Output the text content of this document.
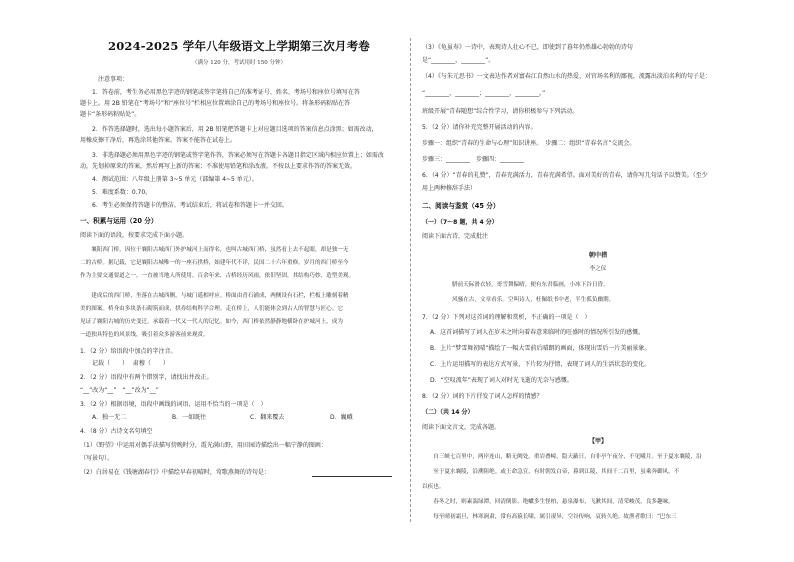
2024-2025 学年八年级语文上学期第三次月考卷
（满分 120 分，考试用时 150 分钟）
注意事项：
1．答卷前，考生务必用黑色字迹的钢笔或签字笔将自己的准考证号、姓名、考场号和座位号填写在答
题卡上。用 2B 铅笔在“考场号”和“座位号”栏相应位置填涂自己的考场号和座位号。将条形码粘贴在答
题卡“条形码粘贴处”。
2．作答选择题时，选出每小题答案后，用 2B 铅笔把答题卡上对应题目选项的答案信息点涂黑；如需改动，
用橡皮擦干净后，再选涂其他答案。答案不能答在试卷上。
3．非选择题必须用黑色字迹的钢笔或签字笔作答，答案必须写在答题卡各题目指定区域内相应位置上；如需改
动，先划掉原来的答案，然后再写上新的答案；不准使用铅笔和涂改液。不按以上要求作答的答案无效。
4．测试范围：八年级上册第 3~5 单元（部编第 4~5 单元）。
5．难度系数：0.70。
6．考生必须保持答题卡的整洁。考试结束后，将试卷和答题卡一并交回。
一、积累与运用（20 分）
阅读下面的语段，按要求完成下面小题。
　　襄阳西门桥，因位于襄阳古城西门外护城河上而得名，也叫古城西门桥，虽然看上去不起眼，却是独一无
二的古桥。据记载，它是襄阳古城唯一的一座石拱桥，始建年代不详，民国二十六年重修。岁月的西门桥至今
作为主要交通要道之一，一直被当地人所使用。百余年来，古桥经历风雨，依旧坚固，其结构巧妙、造型美观。
　　建成后的西门桥，坐落在古城西侧，与城门遥相呼应。桥面由青石铺成，两侧设有石栏，栏板上雕刻着精
美的图案。桥身由多块条石砌筑而成，拱券结构科学合理。走在桥上，人们能体会到古人的智慧与匠心。它
见证了襄阳古城的历史变迁，承载着一代又一代人的记忆。如今，西门桥依然静静地横卧在护城河上，成为
一道独具特色的风景线，吸引着众多游客前来观赏。
1．（2 分）给语段中加点的字注音。
记载（　　）　 肃穆（　　）
2．（2 分）语段中有两个错别字，请找出并改正。
“__”改为“__”　“__”改为“__”
3．（2 分）根据语境，语段中画线的词语，运用不恰当的一项是（　）
A．独一无二	B．一如既往	C．翻来覆去	D．巍峨
4．（8 分）古诗文名句填空
（1）《野望》中运用对偶手法描写傍晚时分，霞光满山野，用田园诗描绘出一幅宁静的图画：
（写景句）。
（2）白居易在《钱塘湖春行》中描绘早春初晴时，莺歌燕舞的诗句是：
（3）《龟虽寿》一诗中，表现诗人壮心不已，即使到了暮年仍然雄心勃勃的诗句
是“________，________”。
（4）《与朱元思书》一文表达作者对富春江自然山水的热爱、对官场名利的鄙视，流露出淡泊名利的句子是：
“________，________；________，________。”
班级开展“青春随想”综合性学习，请你积极参与下列活动。
5．（2 分）请你补充完整开展活动的内容。
步骤一：组织“青春的生命与心理”知识讲座。　步骤二：组织“青春名言”交流会。
步骤三：________　步骤四：________
6．（4 分）“青春的礼赞”，青春充满活力，青春充满希望。面对美好的青春，请你写几句话予以赞美。（至少
用上两种修辞手法）
二、阅读与鉴赏（45 分）
（一）（7～8 题，共 4 分）
阅读下面古诗，完成批注
朝中措
李之仪
腊前天际滑衣轻，哥雪舞偏晴。便有东君临画，小冰下谷日昏。
风骚在古，文章看乐。空叫诗人，枉佩纸书中老，半生孤负幽期。
7．（2 分）下列对这首词的理解和赏析，不正确的一项是（　）
A．这首词描写了词人在岁末之时向着春意来临时的旺盛时的情况所引发的感慨。
B．上片“梦雪舞初晴”描绘了一幅大雪前后晴朗的画面，体现出雪后一片美丽景象。
C．上片运用描写的表达方式写景，下片转为抒情，表现了词人的生活状态的变化。
D．“空叹流年”表现了词人对时光飞逝的无奈与感慨。
8．（2 分）词的下片抒发了词人怎样的情感？
（二）（共 14 分）
阅读下面文言文，完成各题。
【甲】
　　自三峡七百里中，两岸连山，略无阙处。重岩叠嶂，隐天蔽日，自非亭午夜分，不见曦月。至于夏水襄陵，沿
　　至于夏水襄陵，沿溯阻绝。或王命急宣，有时朝发白帝，暮到江陵，其间千二百里，虽乘奔御风，不
以疾也。
　　春冬之时，则素湍绿潭，回清倒影，绝巘多生怪柏，悬泉瀑布，飞漱其间，清荣峻茂，良多趣味。
　　每至晴初霜旦，林寒涧肃，常有高猿长啸，属引凄异，空谷传响，哀转久绝。故渔者歌曰：“巴东三
